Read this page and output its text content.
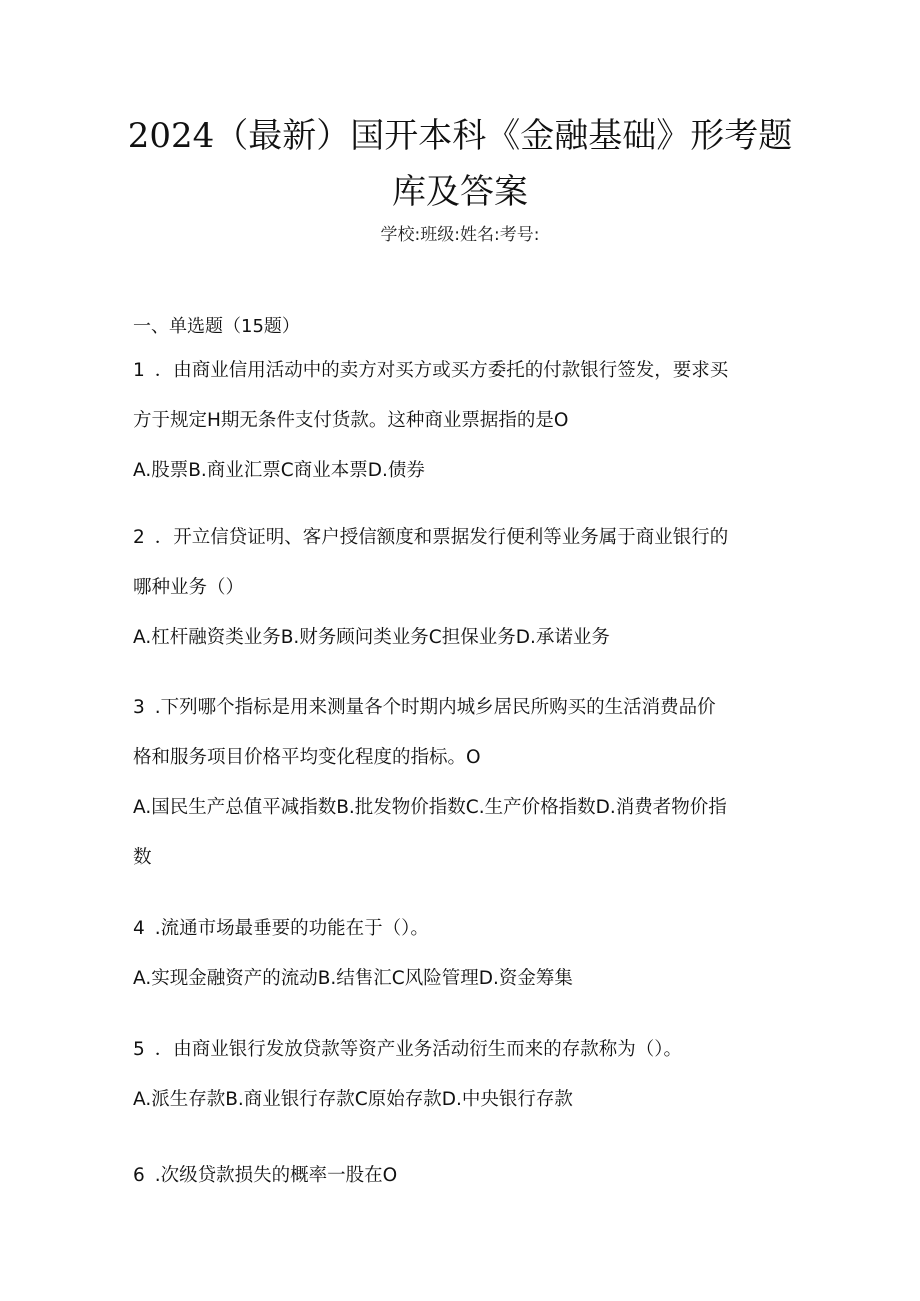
2024（最新）国开本科《金融基础》形考题
库及答案
学校:班级:姓名:考号:
一、单选题（15题）
1 ．由商业信用活动中的卖方对买方或买方委托的付款银行签发，要求买
方于规定H期无条件支付货款。这种商业票据指的是O
A.股票B.商业汇票C商业本票D.债券
2 ．开立信贷证明、客户授信额度和票据发行便利等业务属于商业银行的
哪种业务（）
A.杠杆融资类业务B.财务顾问类业务C担保业务D.承诺业务
3 .下列哪个指标是用来测量各个时期内城乡居民所购买的生活消费品价
格和服务项目价格平均变化程度的指标。O
A.国民生产总值平减指数B.批发物价指数C.生产价格指数D.消费者物价指
数
4 .流通市场最垂要的功能在于（）。
A.实现金融资产的流动B.结售汇C风险管理D.资金筹集
5 ．由商业银行发放贷款等资产业务活动衍生而来的存款称为（）。
A.派生存款B.商业银行存款C原始存款D.中央银行存款
6 .次级贷款损失的概率一股在O
